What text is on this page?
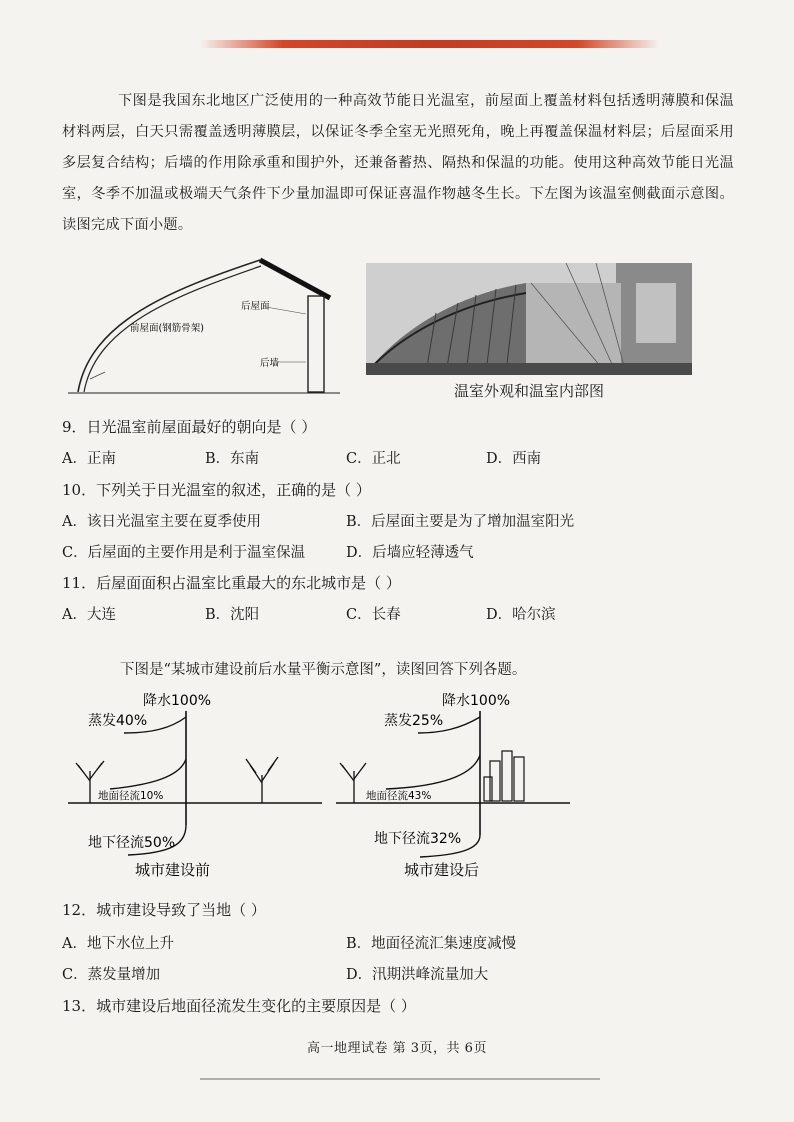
下图是我国东北地区广泛使用的一种高效节能日光温室，前屋面上覆盖材料包括透明薄膜和保温材料两层，白天只需覆盖透明薄膜层，以保证冬季全室无光照死角，晚上再覆盖保温材料层；后屋面采用多层复合结构；后墙的作用除承重和围护外，还兼备蓄热、隔热和保温的功能。使用这种高效节能日光温室，冬季不加温或极端天气条件下少量加温即可保证喜温作物越冬生长。下左图为该温室侧截面示意图。读图完成下面小题。
后屋面
前屋面(钢筋骨架)
后墙
温室外观和温室内部图
9．日光温室前屋面最好的朝向是（ ）
A．正南	B．东南	C．正北	D．西南
10．下列关于日光温室的叙述，正确的是（ ）
A．该日光温室主要在夏季使用	B．后屋面主要是为了增加温室阳光
C．后屋面的主要作用是利于温室保温	D．后墙应轻薄透气
11．后屋面面积占温室比重最大的东北城市是（ ）
A．大连	B．沈阳	C．长春	D．哈尔滨
下图是“某城市建设前后水量平衡示意图”，读图回答下列各题。
降水100%
蒸发40%
地面径流10%
地下径流50%
城市建设前
降水100%
蒸发25%
地面径流43%
地下径流32%
城市建设后
12．城市建设导致了当地（ ）
A．地下水位上升	B．地面径流汇集速度减慢
C．蒸发量增加	D．汛期洪峰流量加大
13．城市建设后地面径流发生变化的主要原因是（ ）
高一地理试卷 第 3页，共 6页
